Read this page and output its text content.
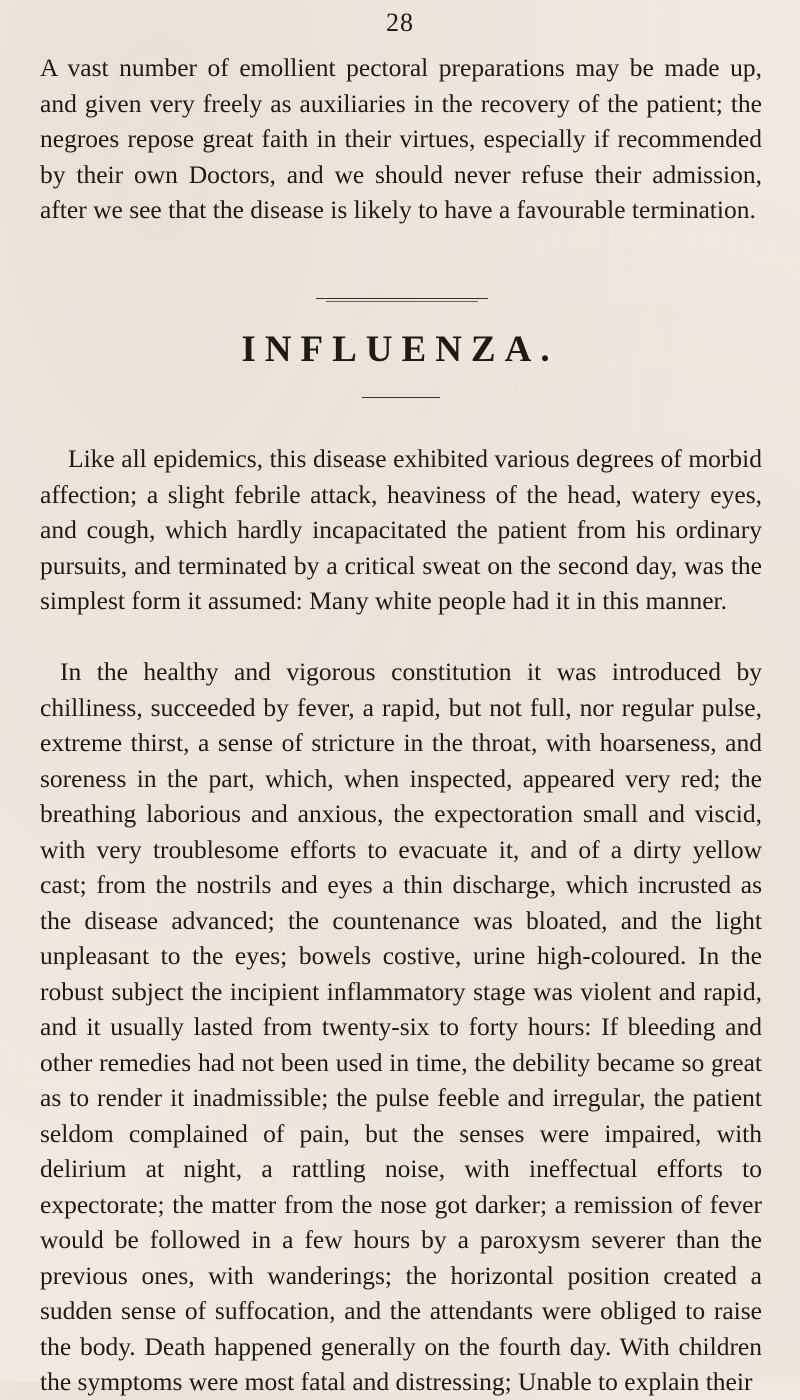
28

A vast number of emollient pectoral preparations may be made up, and given very freely as auxiliaries in the recovery of the patient; the negroes repose great faith in their virtues, especially if recommended by their own Doctors, and we should never refuse their admission, after we see that the disease is likely to have a favourable termination.

INFLUENZA.

Like all epidemics, this disease exhibited various degrees of morbid affection; a slight febrile attack, heaviness of the head, watery eyes, and cough, which hardly incapacitated the patient from his ordinary pursuits, and terminated by a critical sweat on the second day, was the simplest form it assumed: Many white people had it in this manner.

In the healthy and vigorous constitution it was introduced by chilliness, succeeded by fever, a rapid, but not full, nor regular pulse, extreme thirst, a sense of stricture in the throat, with hoarseness, and soreness in the part, which, when inspected, appeared very red; the breathing laborious and anxious, the expectoration small and viscid, with very troublesome efforts to evacuate it, and of a dirty yellow cast; from the nostrils and eyes a thin discharge, which incrusted as the disease advanced; the countenance was bloated, and the light unpleasant to the eyes; bowels costive, urine high-coloured. In the robust subject the incipient inflammatory stage was violent and rapid, and it usually lasted from twenty-six to forty hours: If bleeding and other remedies had not been used in time, the debility became so great as to render it inadmissible; the pulse feeble and irregular, the patient seldom complained of pain, but the senses were impaired, with delirium at night, a rattling noise, with ineffectual efforts to expectorate; the matter from the nose got darker; a remission of fever would be followed in a few hours by a paroxysm severer than the previous ones, with wanderings; the horizontal position created a sudden sense of suffocation, and the attendants were obliged to raise the body. Death happened generally on the fourth day. With children the symptoms were most fatal and distressing; Unable to explain their
